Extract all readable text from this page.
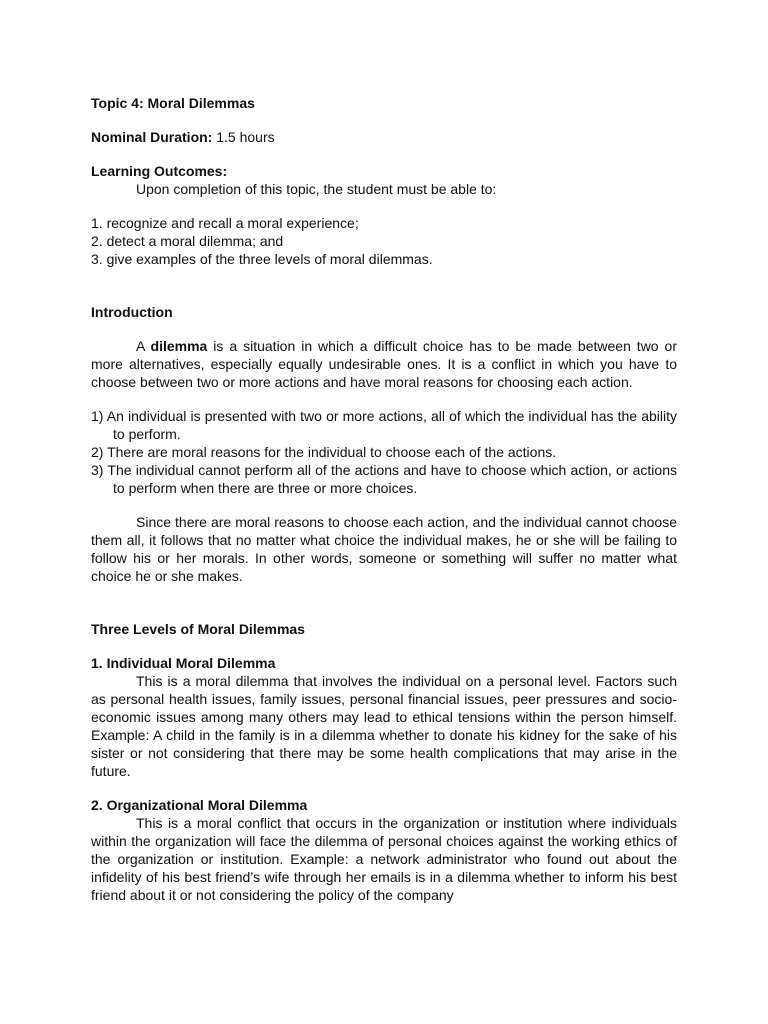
Topic 4: Moral Dilemmas

Nominal Duration: 1.5 hours

Learning Outcomes:

Upon completion of this topic, the student must be able to:

1. recognize and recall a moral experience;
2. detect a moral dilemma; and
3. give examples of the three levels of moral dilemmas.

Introduction

A dilemma is a situation in which a difficult choice has to be made between two or more alternatives, especially equally undesirable ones. It is a conflict in which you have to choose between two or more actions and have moral reasons for choosing each action.

1) An individual is presented with two or more actions, all of which the individual has the ability to perform.
2) There are moral reasons for the individual to choose each of the actions.
3) The individual cannot perform all of the actions and have to choose which action, or actions to perform when there are three or more choices.

Since there are moral reasons to choose each action, and the individual cannot choose them all, it follows that no matter what choice the individual makes, he or she will be failing to follow his or her morals. In other words, someone or something will suffer no matter what choice he or she makes.

Three Levels of Moral Dilemmas

1. Individual Moral Dilemma

This is a moral dilemma that involves the individual on a personal level. Factors such as personal health issues, family issues, personal financial issues, peer pressures and socio-economic issues among many others may lead to ethical tensions within the person himself. Example: A child in the family is in a dilemma whether to donate his kidney for the sake of his sister or not considering that there may be some health complications that may arise in the future.

2. Organizational Moral Dilemma

This is a moral conflict that occurs in the organization or institution where individuals within the organization will face the dilemma of personal choices against the working ethics of the organization or institution. Example: a network administrator who found out about the infidelity of his best friend’s wife through her emails is in a dilemma whether to inform his best friend about it or not considering the policy of the company
